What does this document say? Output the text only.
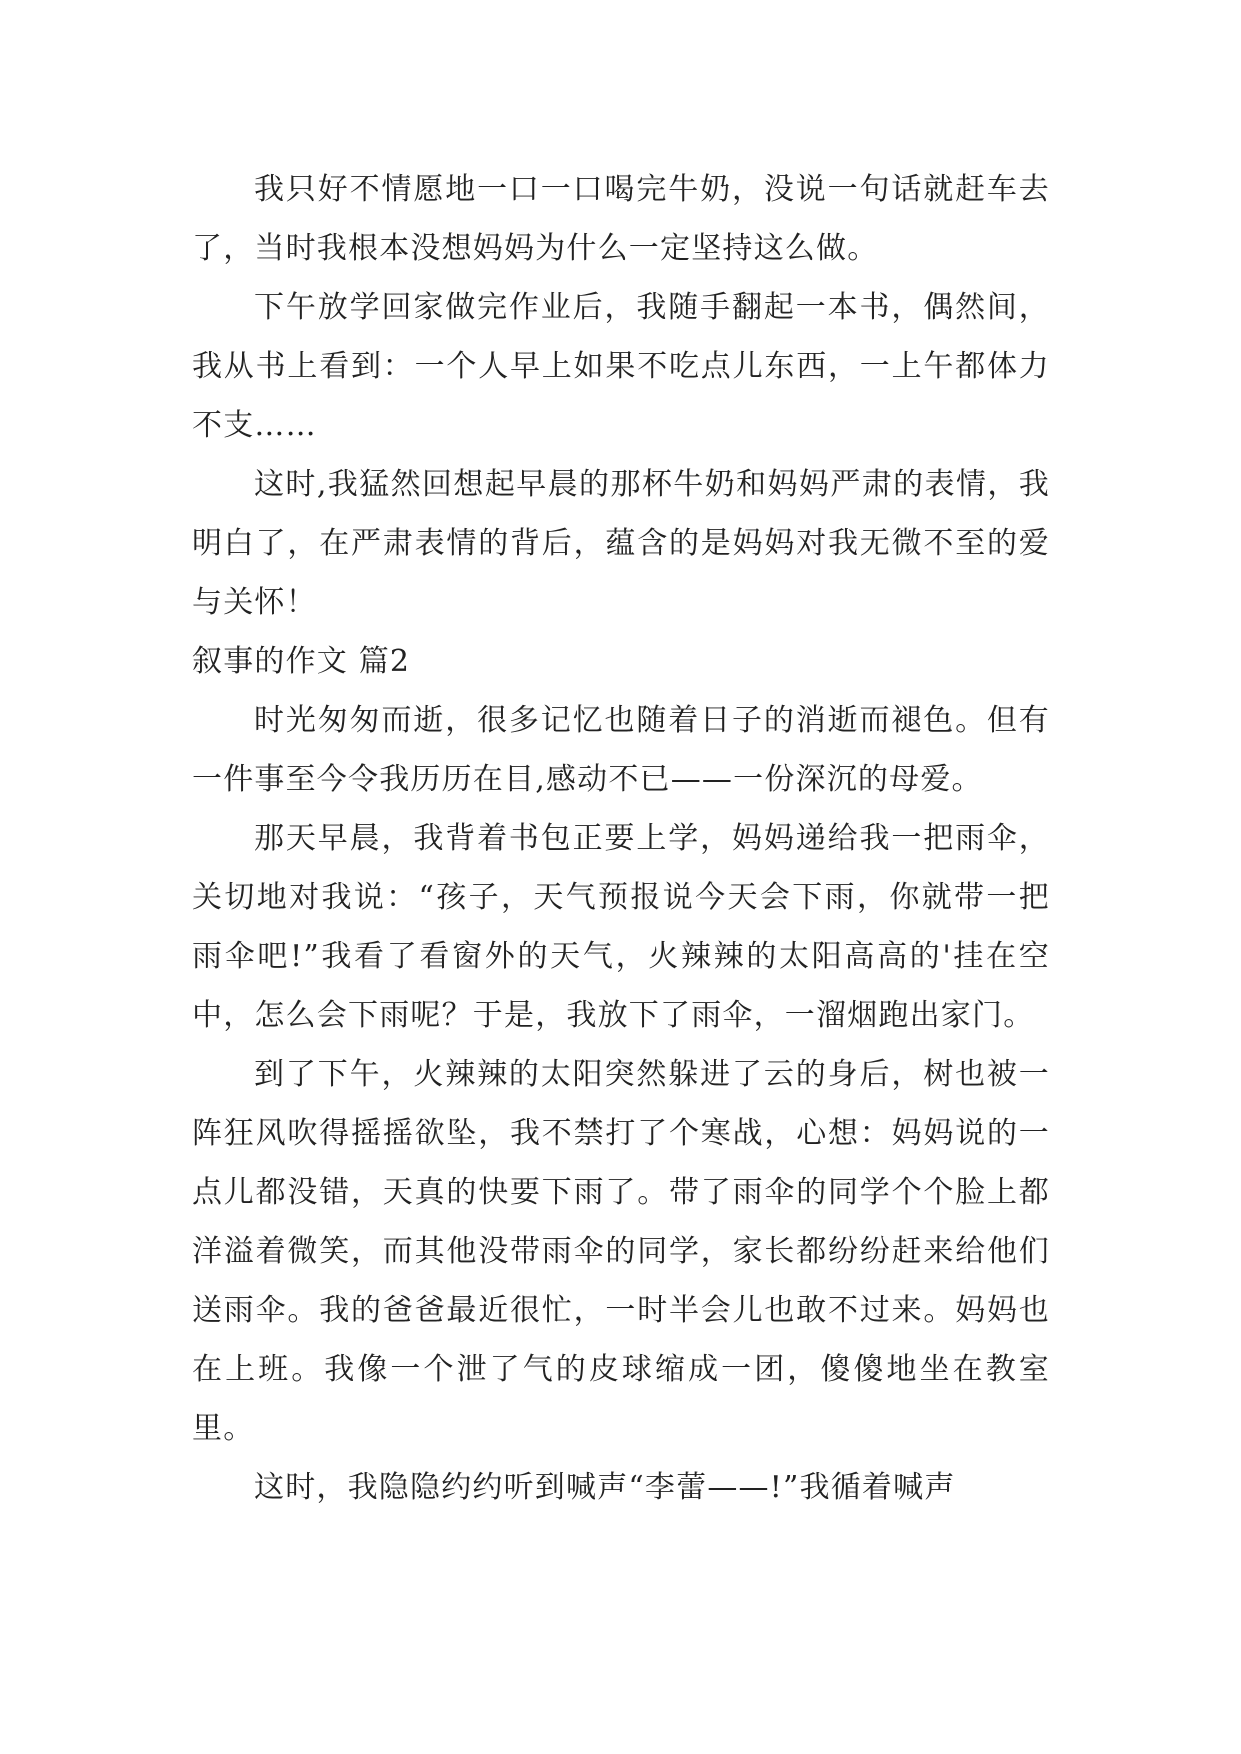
我只好不情愿地一口一口喝完牛奶，没说一句话就赶车去了，当时我根本没想妈妈为什么一定坚持这么做。

下午放学回家做完作业后，我随手翻起一本书，偶然间，我从书上看到：一个人早上如果不吃点儿东西，一上午都体力不支……

这时,我猛然回想起早晨的那杯牛奶和妈妈严肃的表情，我明白了，在严肃表情的背后，蕴含的是妈妈对我无微不至的爱与关怀！

叙事的作文 篇2

时光匆匆而逝，很多记忆也随着日子的消逝而褪色。但有一件事至今令我历历在目,感动不已——一份深沉的母爱。

那天早晨，我背着书包正要上学，妈妈递给我一把雨伞，关切地对我说：“孩子，天气预报说今天会下雨，你就带一把雨伞吧!”我看了看窗外的天气，火辣辣的太阳高高的'挂在空中，怎么会下雨呢？于是，我放下了雨伞，一溜烟跑出家门。

到了下午，火辣辣的太阳突然躲进了云的身后，树也被一阵狂风吹得摇摇欲坠，我不禁打了个寒战，心想：妈妈说的一点儿都没错，天真的快要下雨了。带了雨伞的同学个个脸上都洋溢着微笑，而其他没带雨伞的同学，家长都纷纷赶来给他们送雨伞。我的爸爸最近很忙，一时半会儿也敢不过来。妈妈也在上班。我像一个泄了气的皮球缩成一团，傻傻地坐在教室里。

这时，我隐隐约约听到喊声“李蕾——!”我循着喊声
